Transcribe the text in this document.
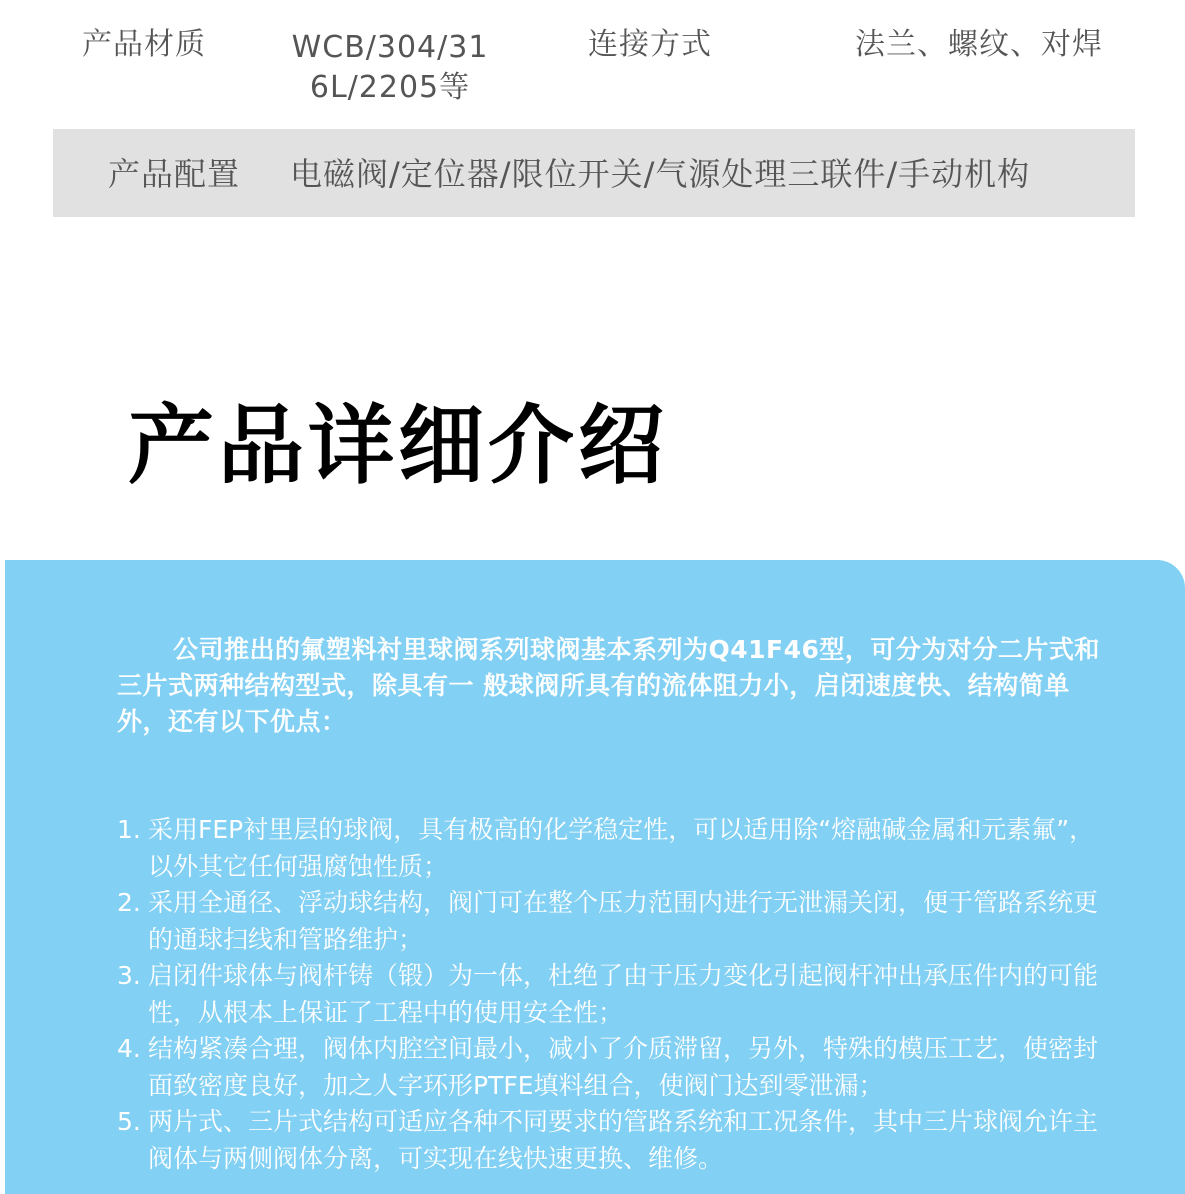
产品材质	WCB/304/31
6L/2205等
连接方式	法兰、螺纹、对焊
产品配置 电磁阀/定位器/限位开关/气源处理三联件/手动机构
产品详细介绍

公司推出的氟塑料衬里球阀系列球阀基本系列为Q41F46型，可分为对分二片式和三片式两种结构型式，除具有一 般球阀所具有的流体阻力小，启闭速度快、结构简单外，还有以下优点：

1. 采用FEP衬里层的球阀，具有极高的化学稳定性，可以适用除“熔融碱金属和元素氟”，以外其它任何强腐蚀性质；
2. 采用全通径、浮动球结构，阀门可在整个压力范围内进行无泄漏关闭，便于管路系统更的通球扫线和管路维护；
3. 启闭件球体与阀杆铸（锻）为一体，杜绝了由于压力变化引起阀杆冲出承压件内的可能性，从根本上保证了工程中的使用安全性；
4. 结构紧凑合理，阀体内腔空间最小，减小了介质滞留，另外，特殊的模压工艺，使密封面致密度良好，加之人字环形PTFE填料组合，使阀门达到零泄漏；
5. 两片式、三片式结构可适应各种不同要求的管路系统和工况条件，其中三片球阀允许主阀体与两侧阀体分离，可实现在线快速更换、维修。
